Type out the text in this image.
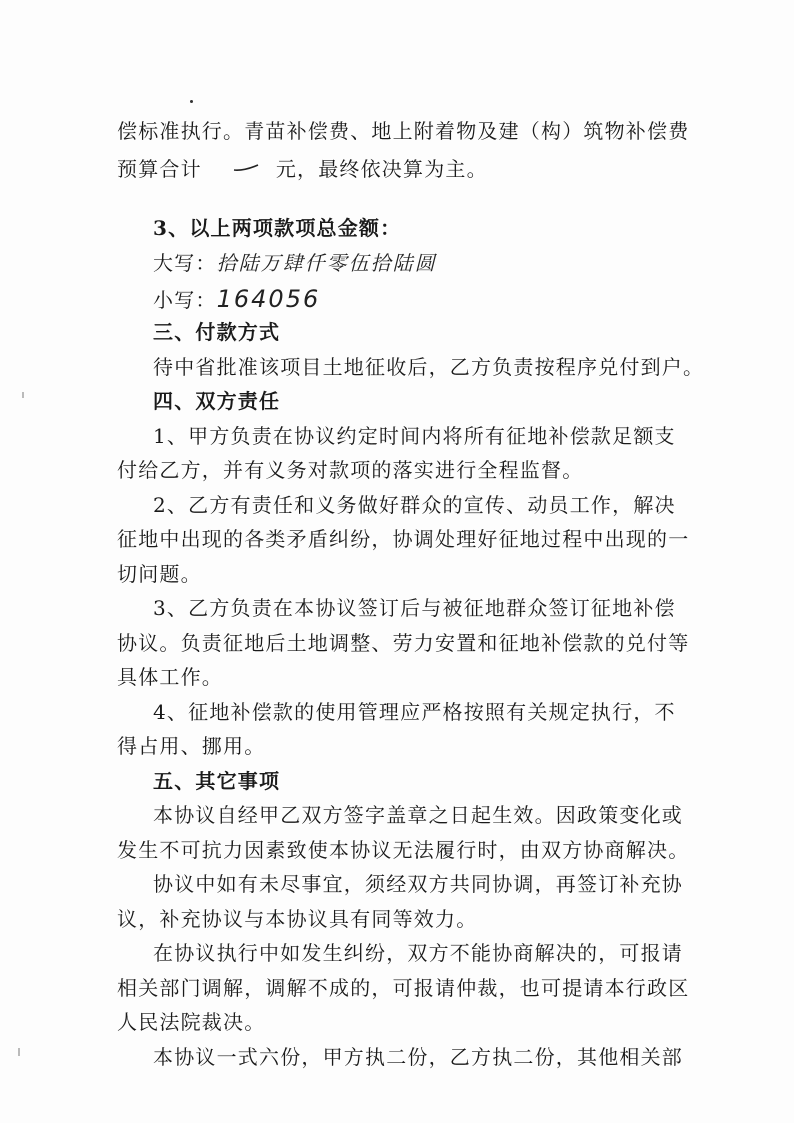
偿标准执行。青苗补偿费、地上附着物及建（构）筑物补偿费
预算合计	元，最终依决算为主。
3、以上两项款项总金额：
大写：拾陆万肆仟零伍拾陆圆
小写：164056
三、付款方式
待中省批准该项目土地征收后，乙方负责按程序兑付到户。
四、双方责任
1、甲方负责在协议约定时间内将所有征地补偿款足额支
付给乙方，并有义务对款项的落实进行全程监督。
2、乙方有责任和义务做好群众的宣传、动员工作，解决
征地中出现的各类矛盾纠纷，协调处理好征地过程中出现的一
切问题。
3、乙方负责在本协议签订后与被征地群众签订征地补偿
协议。负责征地后土地调整、劳力安置和征地补偿款的兑付等
具体工作。
4、征地补偿款的使用管理应严格按照有关规定执行，不
得占用、挪用。
五、其它事项
本协议自经甲乙双方签字盖章之日起生效。因政策变化或
发生不可抗力因素致使本协议无法履行时，由双方协商解决。
协议中如有未尽事宜，须经双方共同协调，再签订补充协
议，补充协议与本协议具有同等效力。
在协议执行中如发生纠纷，双方不能协商解决的，可报请
相关部门调解，调解不成的，可报请仲裁，也可提请本行政区
人民法院裁决。
本协议一式六份，甲方执二份，乙方执二份，其他相关部
